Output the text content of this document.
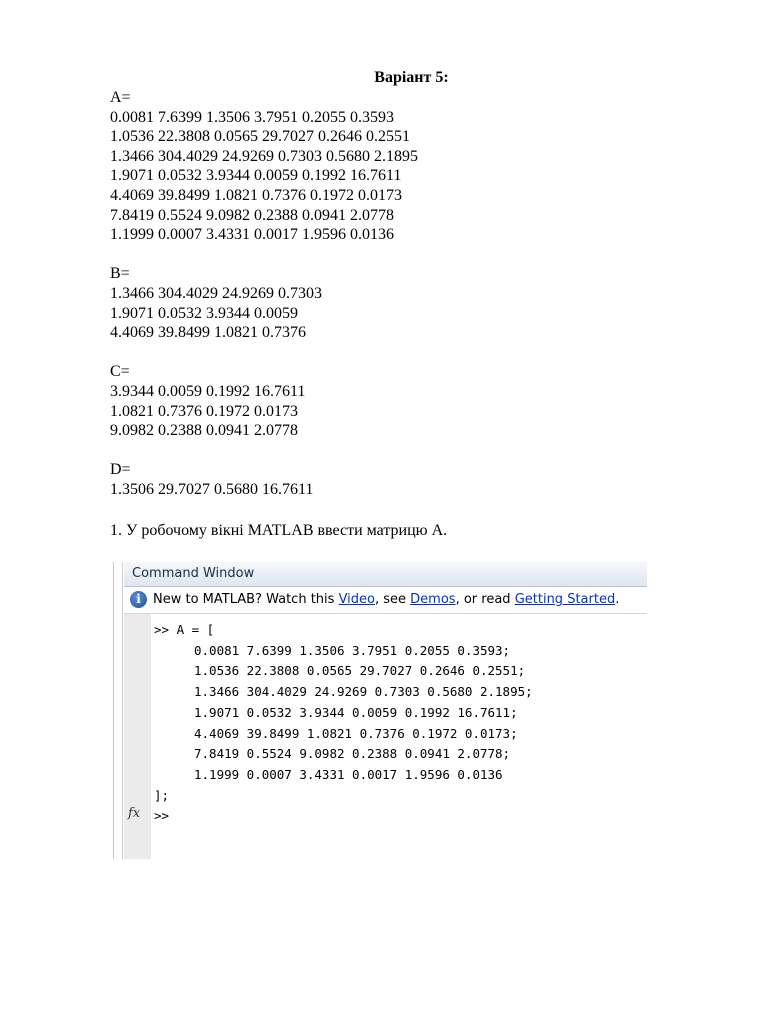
Варіант 5:
A=
0.0081 7.6399 1.3506 3.7951 0.2055 0.3593
1.0536 22.3808 0.0565 29.7027 0.2646 0.2551
1.3466 304.4029 24.9269 0.7303 0.5680 2.1895
1.9071 0.0532 3.9344 0.0059 0.1992 16.7611
4.4069 39.8499 1.0821 0.7376 0.1972 0.0173
7.8419 0.5524 9.0982 0.2388 0.0941 2.0778
1.1999 0.0007 3.4331 0.0017 1.9596 0.0136
B=
1.3466 304.4029 24.9269 0.7303
1.9071 0.0532 3.9344 0.0059
4.4069 39.8499 1.0821 0.7376
C=
3.9344 0.0059 0.1992 16.7611
1.0821 0.7376 0.1972 0.0173
9.0982 0.2388 0.0941 2.0778
D=
1.3506 29.7027 0.5680 16.7611
1. У робочому вікні MATLAB ввести матрицю А.
Command Window
i New to MATLAB? Watch this Video, see Demos, or read Getting Started.
fx
>> A = [
0.0081 7.6399 1.3506 3.7951 0.2055 0.3593;
1.0536 22.3808 0.0565 29.7027 0.2646 0.2551;
1.3466 304.4029 24.9269 0.7303 0.5680 2.1895;
1.9071 0.0532 3.9344 0.0059 0.1992 16.7611;
4.4069 39.8499 1.0821 0.7376 0.1972 0.0173;
7.8419 0.5524 9.0982 0.2388 0.0941 2.0778;
1.1999 0.0007 3.4331 0.0017 1.9596 0.0136
];
>>
